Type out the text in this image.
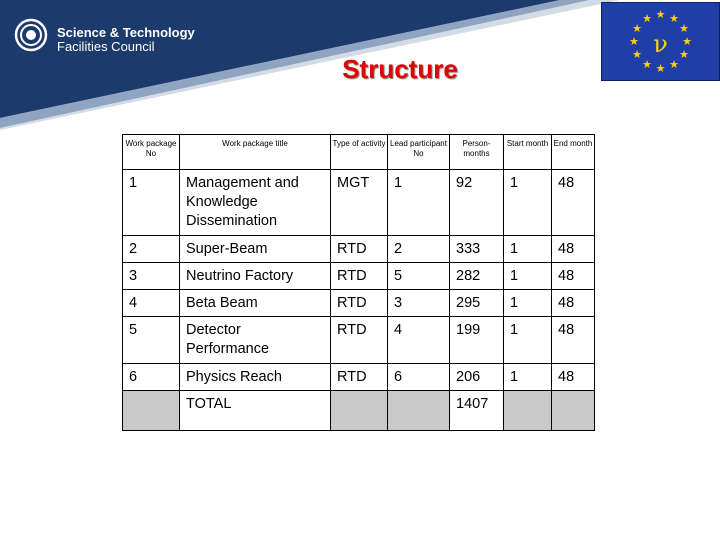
Science & Technology
Facilities Council
★ ★
★
★
★
★
★
★
★
★
★
★
ν
Structure
Work package No	Work package title	Type of activity	Lead participant No	Person-months	Start month	End month
1	Management and Knowledge Dissemination	MGT	1	92	1	48
2	Super-Beam	RTD	2	333	1	48
3	Neutrino Factory	RTD	5	282	1	48
4	Beta Beam	RTD	3	295	1	48
5	Detector Performance	RTD	4	199	1	48
6	Physics Reach	RTD	6	206	1	48
	TOTAL			1407		
